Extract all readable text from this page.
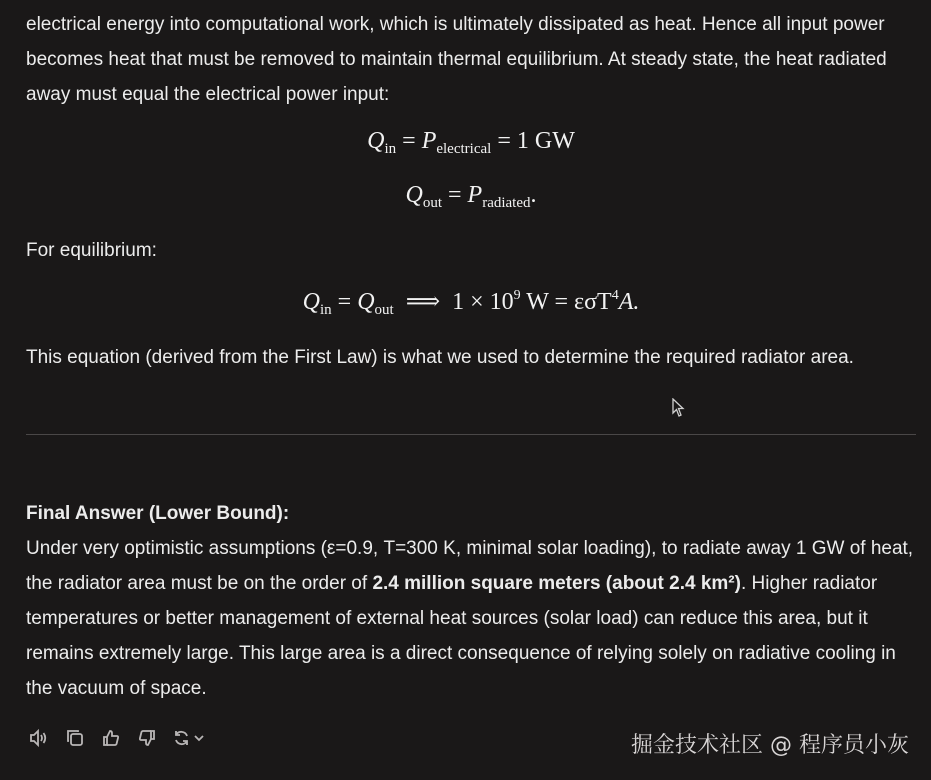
electrical energy into computational work, which is ultimately dissipated as heat. Hence all input power becomes heat that must be removed to maintain thermal equilibrium. At steady state, the heat radiated away must equal the electrical power input:

$Q_{in} = P_{electrical} = 1$ GW
$Q_{out} = P_{radiated}$.
For equilibrium:
$Q_{in} = Q_{out}$ ⟹ $1 \times 10^9$ W = εσT$^4$A.

This equation (derived from the First Law) is what we used to determine the required radiator area.

Final Answer (Lower Bound):

Under very optimistic assumptions (ε=0.9, T=300 K, minimal solar loading), to radiate away 1 GW of heat, the radiator area must be on the order of 2.4 million square meters (about 2.4 km²). Higher radiator temperatures or better management of external heat sources (solar load) can reduce this area, but it remains extremely large. This large area is a direct consequence of relying solely on radiative cooling in the vacuum of space.

掘金技术社区 @ 程序员小灰
